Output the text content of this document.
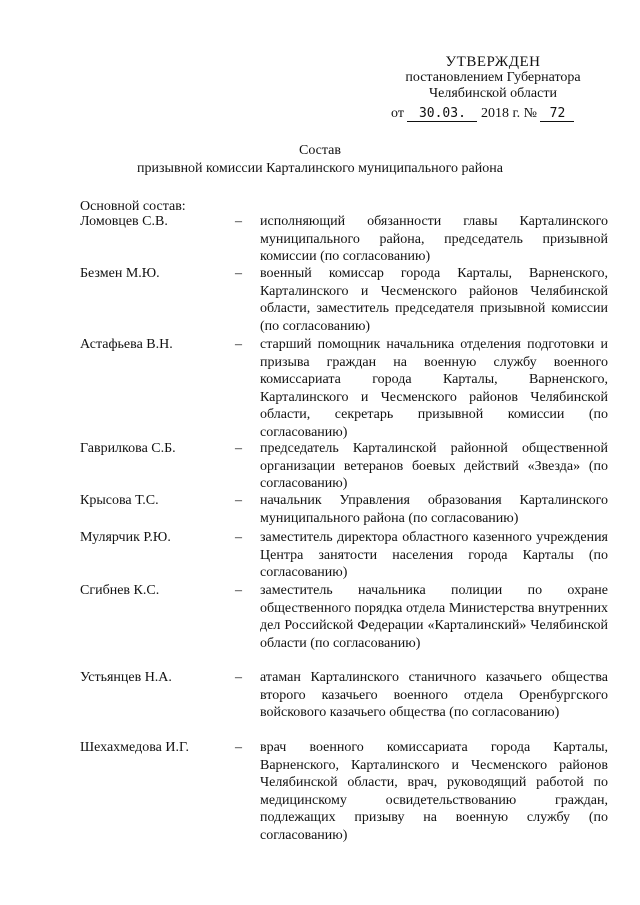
УТВЕРЖДЕН
постановлением Губернатора
Челябинской области
от 30.03. 2018 г. № 72
Состав
призывной комиссии Карталинского муниципального района
Основной состав:
Ломовцев С.В.	– исполняющий обязанности главы Карталинского муниципального района, председатель призывной комиссии (по согласованию)
Безмен М.Ю.	– военный комиссар города Карталы, Варненского, Карталинского и Чесменского районов Челябинской области, заместитель председателя призывной комиссии (по согласованию)
Астафьева В.Н.	– старший помощник начальника отделения подготовки и призыва граждан на военную службу военного комиссариата города Карталы, Варненского, Карталинского и Чесменского районов Челябинской области, секретарь призывной комиссии (по согласованию)
Гаврилкова С.Б.	– председатель Карталинской районной общественной организации ветеранов боевых действий «Звезда» (по согласованию)
Крысова Т.С.	– начальник Управления образования Карталинского муниципального района (по согласованию)
Мулярчик Р.Ю.	– заместитель директора областного казенного учреждения Центра занятости населения города Карталы (по согласованию)
Сгибнев К.С.	– заместитель начальника полиции по охране общественного порядка отдела Министерства внутренних дел Российской Федерации «Карталинский» Челябинской области (по согласованию)
Устьянцев Н.А.	– атаман Карталинского станичного казачьего общества второго казачьего военного отдела Оренбургского войскового казачьего общества (по согласованию)
Шехахмедова И.Г.	– врач военного комиссариата города Карталы, Варненского, Карталинского и Чесменского районов Челябинской области, врач, руководящий работой по медицинскому освидетельствованию граждан, подлежащих призыву на военную службу (по согласованию)
